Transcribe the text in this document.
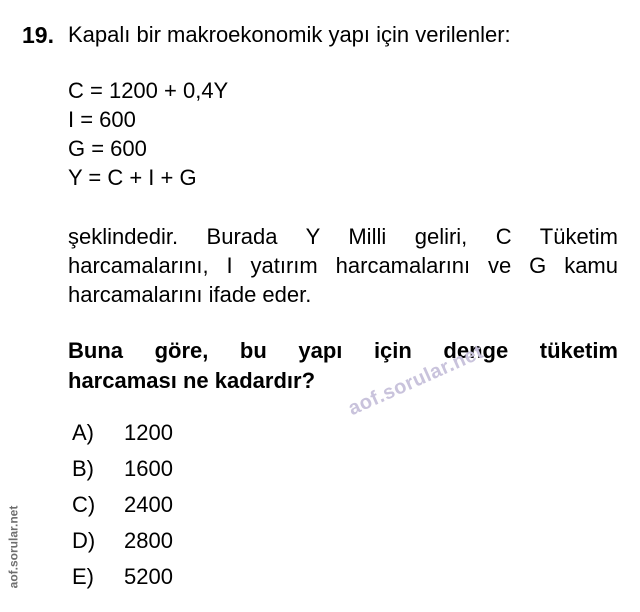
19. Kapalı bir makroekonomik yapı için verilenler:
C = 1200 + 0,4Y
I = 600
G = 600
Y = C + I + G
şeklindedir. Burada Y Milli geliri, C Tüketim
harcamalarını, I yatırım harcamalarını ve G kamu
harcamalarını ifade eder.
Buna göre, bu yapı için denge tüketim
harcaması ne kadardır?
A) 1200
B) 1600
C) 2400
D) 2800
E) 5200
aof.sorular.net
aof.sorular.net
